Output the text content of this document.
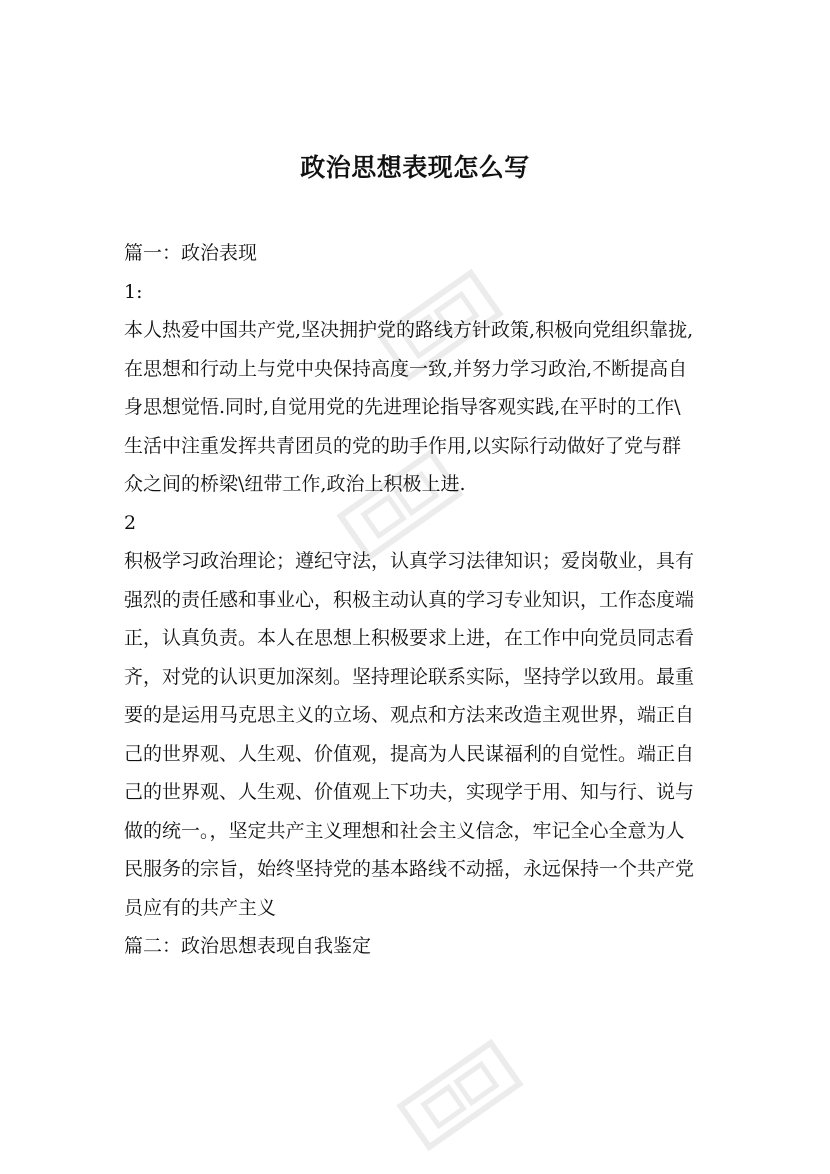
政治思想表现怎么写
篇一：政治表现
1:
本人热爱中国共产党,坚决拥护党的路线方针政策,积极向党组织靠拢,
在思想和行动上与党中央保持高度一致,并努力学习政治,不断提高自
身思想觉悟.同时,自觉用党的先进理论指导客观实践,在平时的工作\
生活中注重发挥共青团员的党的助手作用,以实际行动做好了党与群
众之间的桥梁\纽带工作,政治上积极上进.
2
积极学习政治理论；遵纪守法，认真学习法律知识；爱岗敬业，具有
强烈的责任感和事业心，积极主动认真的学习专业知识，工作态度端
正，认真负责。本人在思想上积极要求上进，在工作中向党员同志看
齐，对党的认识更加深刻。坚持理论联系实际，坚持学以致用。最重
要的是运用马克思主义的立场、观点和方法来改造主观世界，端正自
己的世界观、人生观、价值观，提高为人民谋福利的自觉性。端正自
己的世界观、人生观、价值观上下功夫，实现学于用、知与行、说与
做的统一。，坚定共产主义理想和社会主义信念，牢记全心全意为人
民服务的宗旨，始终坚持党的基本路线不动摇，永远保持一个共产党
员应有的共产主义
篇二：政治思想表现自我鉴定
